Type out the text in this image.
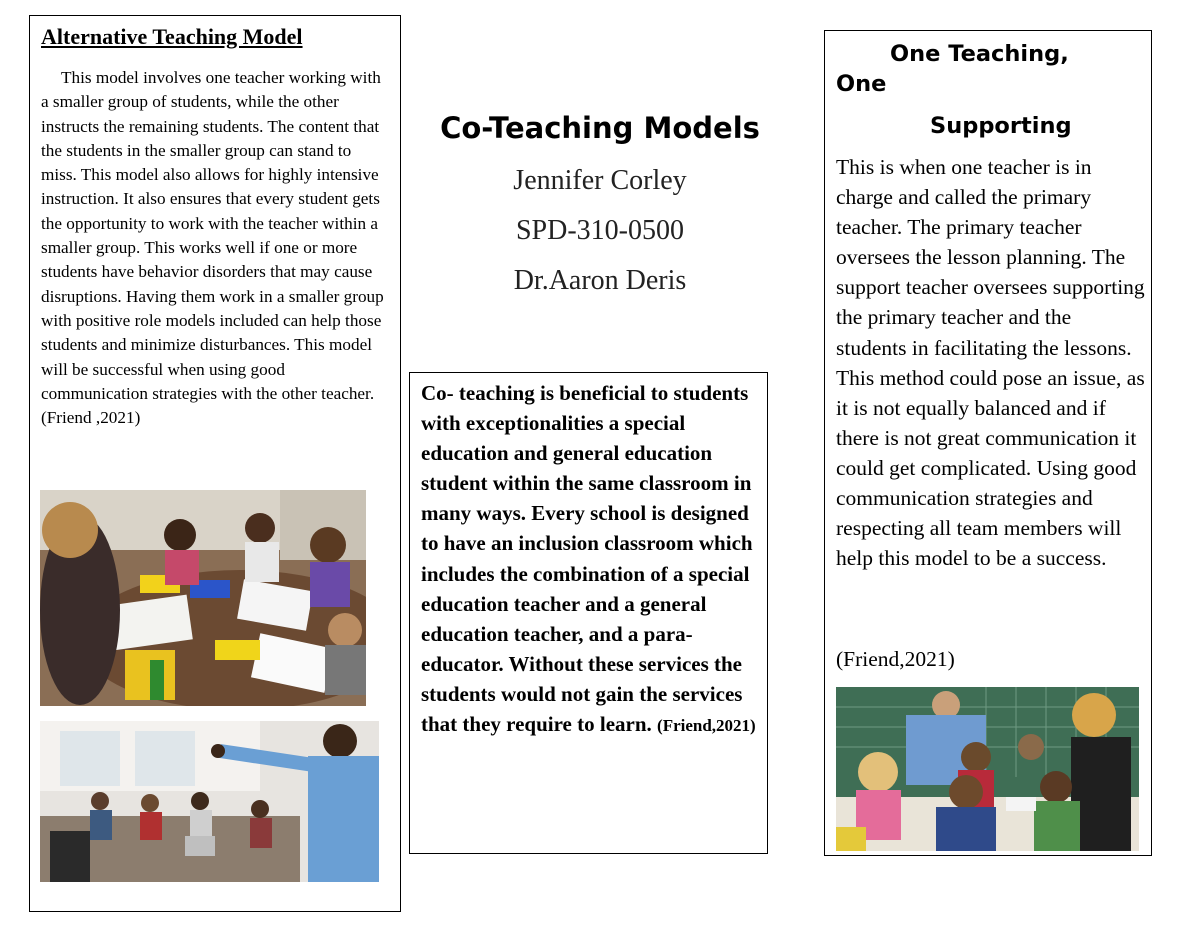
Alternative Teaching Model

This model involves one teacher working with a smaller group of students, while the other instructs the remaining students. The content that the students in the smaller group can stand to miss. This model also allows for highly intensive instruction. It also ensures that every student gets the opportunity to work with the teacher within a smaller group. This works well if one or more students have behavior disorders that may cause disruptions. Having them work in a smaller group with positive role models included can help those students and minimize disturbances. This model will be successful when using good communication strategies with the other teacher.
(Friend ,2021)

Co-Teaching Models

Jennifer Corley

SPD-310-0500

Dr.Aaron Deris

Co- teaching is beneficial to students with exceptionalities a special education and general education student within the same classroom in many ways. Every school is designed to have an inclusion classroom which includes the combination of a special education teacher and a general education teacher, and a para-educator. Without these services the students would not gain the services that they require to learn. (Friend,2021)

One Teaching,
One
Supporting

This is when one teacher is in charge and called the primary teacher. The primary teacher oversees the lesson planning. The support teacher oversees supporting the primary teacher and the students in facilitating the lessons. This method could pose an issue, as it is not equally balanced and if there is not great communication it could get complicated. Using good communication strategies and respecting all team members will help this model to be a success.

(Friend,2021)
